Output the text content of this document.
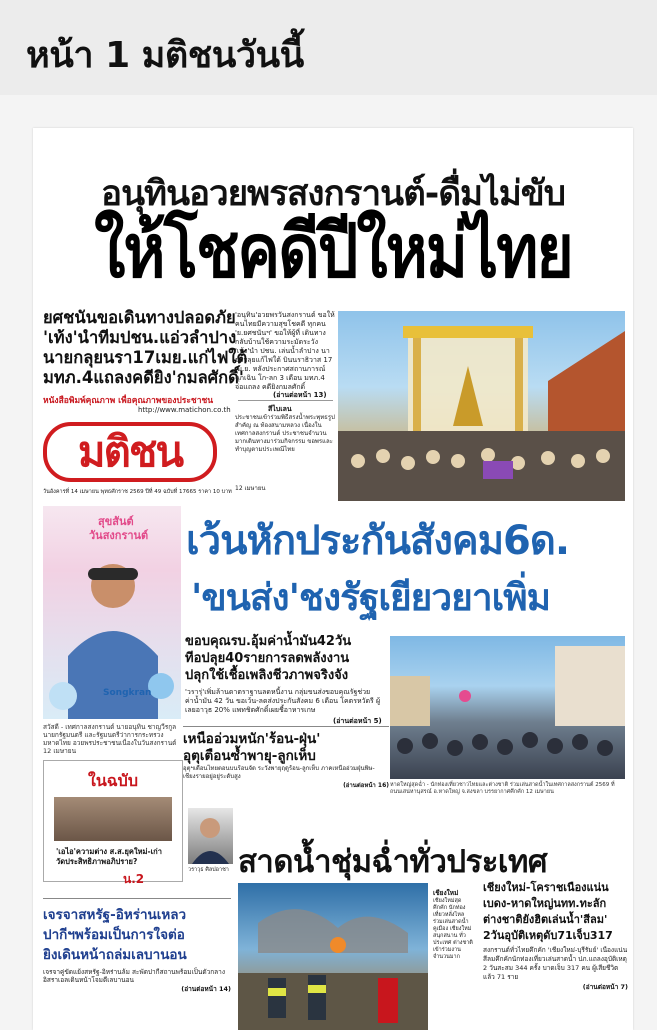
หน้า 1 มติชนวันนี้
อนุทินอวยพรสงกรานต์-ดื่มไม่ขับ
ให้โชคดีปีใหม่ไทย
ยศชนันขอเดินทางปลอดภัย
'เท้ง'นำทีมปชน.แอ่วลำปาง
นายกลุยนรา17เมย.แก่ไฟใต้
มทภ.4แถลงคดียิง'กมลศักดิ์'
หนังสือพิมพ์คุณภาพ เพื่อคุณภาพของประชาชน
http://www.matichon.co.th
มติชน
วันอังคารที่ 14 เมษายน พุทธศักราช 2569 ปีที่ 49 ฉบับที่ 17665 ราคา 10 บาท
'อนุทิน'อวยพรวันสงกรานต์ ขอให้คนไทยมีความสุขโชคดี ทุกคน 'ย.ยศชนันฯ' ขอให้ผู้ที่ เดินทางกลับบ้านใช้ความระมัดระวัง 'เท้ง'นำ ปชน. เล่นน้ำลำปาง นายกฯลุยแก้ไฟใต้ บินนราธิวาส 17 เม.ย. หลังประกาศสถานการณ์ฉุกเฉิน โก-ลก 3 เดือน มทภ.4 จ่อแถลง คดียิงกมลศักดิ์
(อ่านต่อหน้า 13)
สีไบเลน
ประชาชนเข้าร่วมพิธีสรงน้ำพระพุทธรูปสำคัญ ณ ท้องสนามหลวง เนื่องในเทศกาลสงกรานต์ ประชาชนจำนวนมากเดินทางมาร่วมกิจกรรม ขอพรและทำบุญตามประเพณีไทย
12 เมษายน
สุขสันต์
วันสงกรานต์
Songkran
สวัสดี - เทศกาลสงกรานต์ นายอนุทิน ชาญวีรกูล นายกรัฐมนตรี และรัฐมนตรีว่าการกระทรวงมหาดไทย อวยพรประชาชนเนื่องในวันสงกรานต์ 12 เมษายน
เว้นหักประกันสังคม6ด.
'ขนส่ง'ชงรัฐเยียวยาเพิ่ม
ขอบคุณรบ.อุ้มค่าน้ำมัน42วัน
ทีอปลุย40รายการลดพลังงาน
ปลุกใช้เชื้อเพลิงชีวภาพจริงจัง
'วรารุ่'เพิ่มล้านดาตราฐานลดหนี้งาน กลุ่มขนส่งขอบคุณรัฐช่วยค่าน้ำมัน 42 วัน ขอเว้น-ลดส่งประกันสังคม 6 เดือน โคตรหวัดรี ผู้เลยอาวุธ 20% แพทชิตศักดิ์เผยชี้อาหารเกษ
(อ่านต่อหน้า 5)
เหนืออ่วมหนัก'ร้อน-ฝุ่น'
อุตุเตือนซ้ำพายุ-ลูกเห็บ
อุตุฯเตือนไทยตอนบนร้อนจัด ระวังพายุฤดูร้อน-ลูกเห็บ ภาคเหนืออ่วมฝุ่นพิษ-เชียงรายอยู่อยู่ระดับสูง
(อ่านต่อหน้า 16) หาดใหญ่สุดฉ่ำ - นักท่องเที่ยวชาวไทยและต่างชาติ ร่วมเล่นสาดน้ำในเทศกาลสงกรานต์ 2569 ที่ถนนเสน่หานุสรณ์ อ.หาดใหญ่ จ.สงขลา บรรยากาศคึกคัก 12 เมษายน
ในฉบับ
'เอไอ'ความต่าง ส.ส.ยุคใหม่-เก่า วัดประสิทธิภาพอภิปราย?
น.2
วราวุธ ศิลปอาชา สาดน้ำชุ่มฉ่ำทั่วประเทศ
เชียงใหม่
เชียงใหม่สุดคึกคัก นักท่องเที่ยวหลั่งไหล ร่วมเล่นสาดน้ำคูเมือง เชียงใหม่ สนุกสนาน ทั่วประเทศ ต่างชาติเข้าร่วมงาน จำนวนมาก
เชียงใหม่-โคราชเนืองแน่น
เบดง-หาดใหญ่นทท.ทะลัก
ต่างชาติยังฮิตเล่นน้ำ'สีลม'
2วันอุบัติเหตุดับ71เจ็บ317
สงกรานต์ทั่วไทยคึกคัก 'เชียงใหม่-บุรีรัมย์' เนืองแน่น สีลมคึกคักนักท่องเที่ยวเล่นสาดน้ำ ปภ.แถลงอุบัติเหตุ 2 วันสะสม 344 ครั้ง บาดเจ็บ 317 คน ผู้เสียชีวิตแล้ว 71 ราย
(อ่านต่อหน้า 7)
เจรจาสหรัฐ-อิหร่านเหลว
ปากีฯพร้อมเป็นการใจต่อ
ยิงเดินหน้าถล่มเลบานอน
เจรจาคู่ขัดแย้งสหรัฐ-อิหร่านล้ม สะพัดปากีสถานพร้อมเป็นตัวกลาง อิสราเอลเดินหน้าโจมตีเลบานอน
(อ่านต่อหน้า 14)
